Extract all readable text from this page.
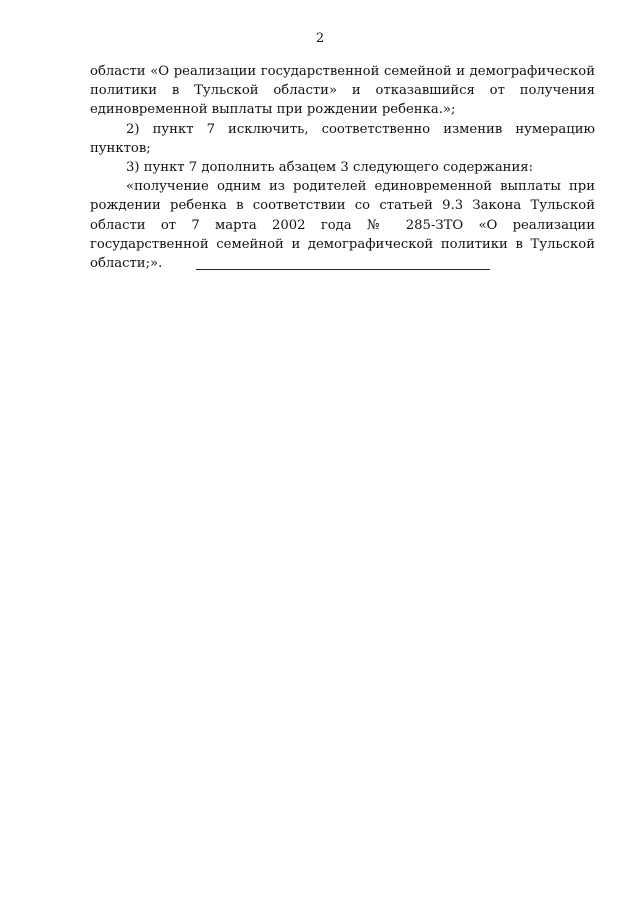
2

области «О реализации государственной семейной и демографической политики в Тульской области» и отказавшийся от получения единовременной выплаты при рождении ребенка.»;

2) пункт 7 исключить, соответственно изменив нумерацию пунктов;

3) пункт 7 дополнить абзацем 3 следующего содержания:

«получение одним из родителей единовременной выплаты при рождении ребенка в соответствии со статьей 9.3 Закона Тульской области от 7 марта 2002 года № 285-ЗТО «О реализации государственной семейной и демографической политики в Тульской области;».
